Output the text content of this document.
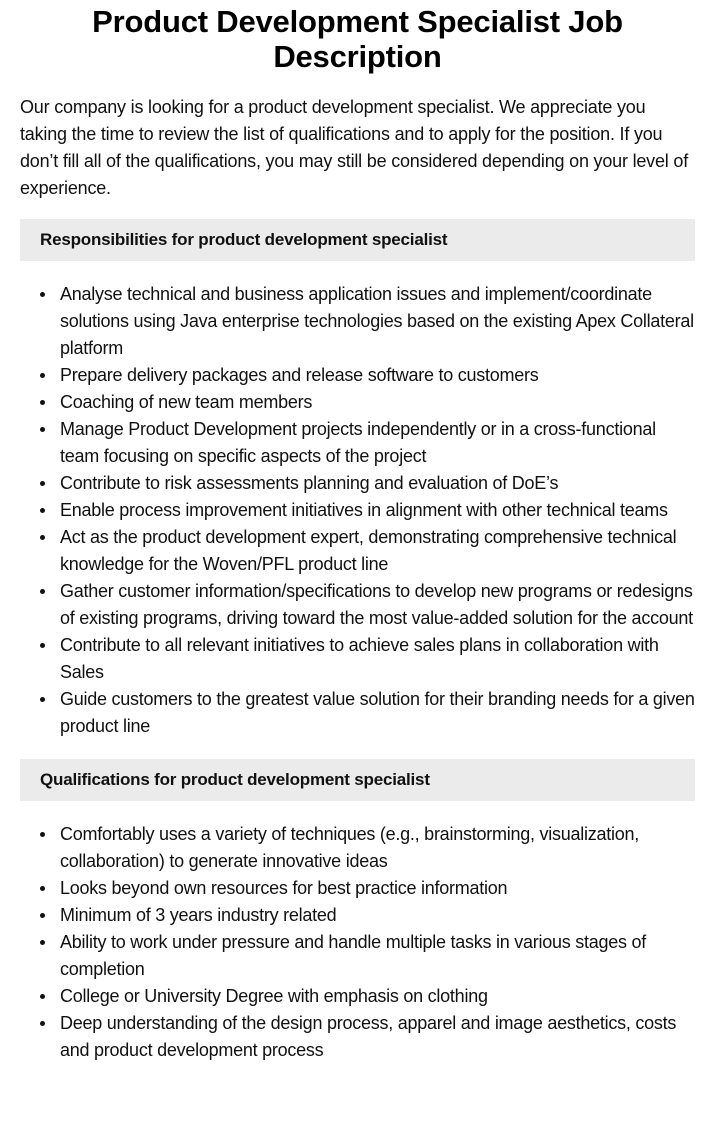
Product Development Specialist Job Description

Our company is looking for a product development specialist. We appreciate you taking the time to review the list of qualifications and to apply for the position. If you don’t fill all of the qualifications, you may still be considered depending on your level of experience.

Responsibilities for product development specialist
Analyse technical and business application issues and implement/coordinate solutions using Java enterprise technologies based on the existing Apex Collateral platform
Prepare delivery packages and release software to customers
Coaching of new team members
Manage Product Development projects independently or in a cross-functional team focusing on specific aspects of the project
Contribute to risk assessments planning and evaluation of DoE’s
Enable process improvement initiatives in alignment with other technical teams
Act as the product development expert, demonstrating comprehensive technical knowledge for the Woven/PFL product line
Gather customer information/specifications to develop new programs or redesigns of existing programs, driving toward the most value-added solution for the account
Contribute to all relevant initiatives to achieve sales plans in collaboration with Sales
Guide customers to the greatest value solution for their branding needs for a given product line
Qualifications for product development specialist
Comfortably uses a variety of techniques (e.g., brainstorming, visualization, collaboration) to generate innovative ideas
Looks beyond own resources for best practice information
Minimum of 3 years industry related
Ability to work under pressure and handle multiple tasks in various stages of completion
College or University Degree with emphasis on clothing
Deep understanding of the design process, apparel and image aesthetics, costs and product development process
